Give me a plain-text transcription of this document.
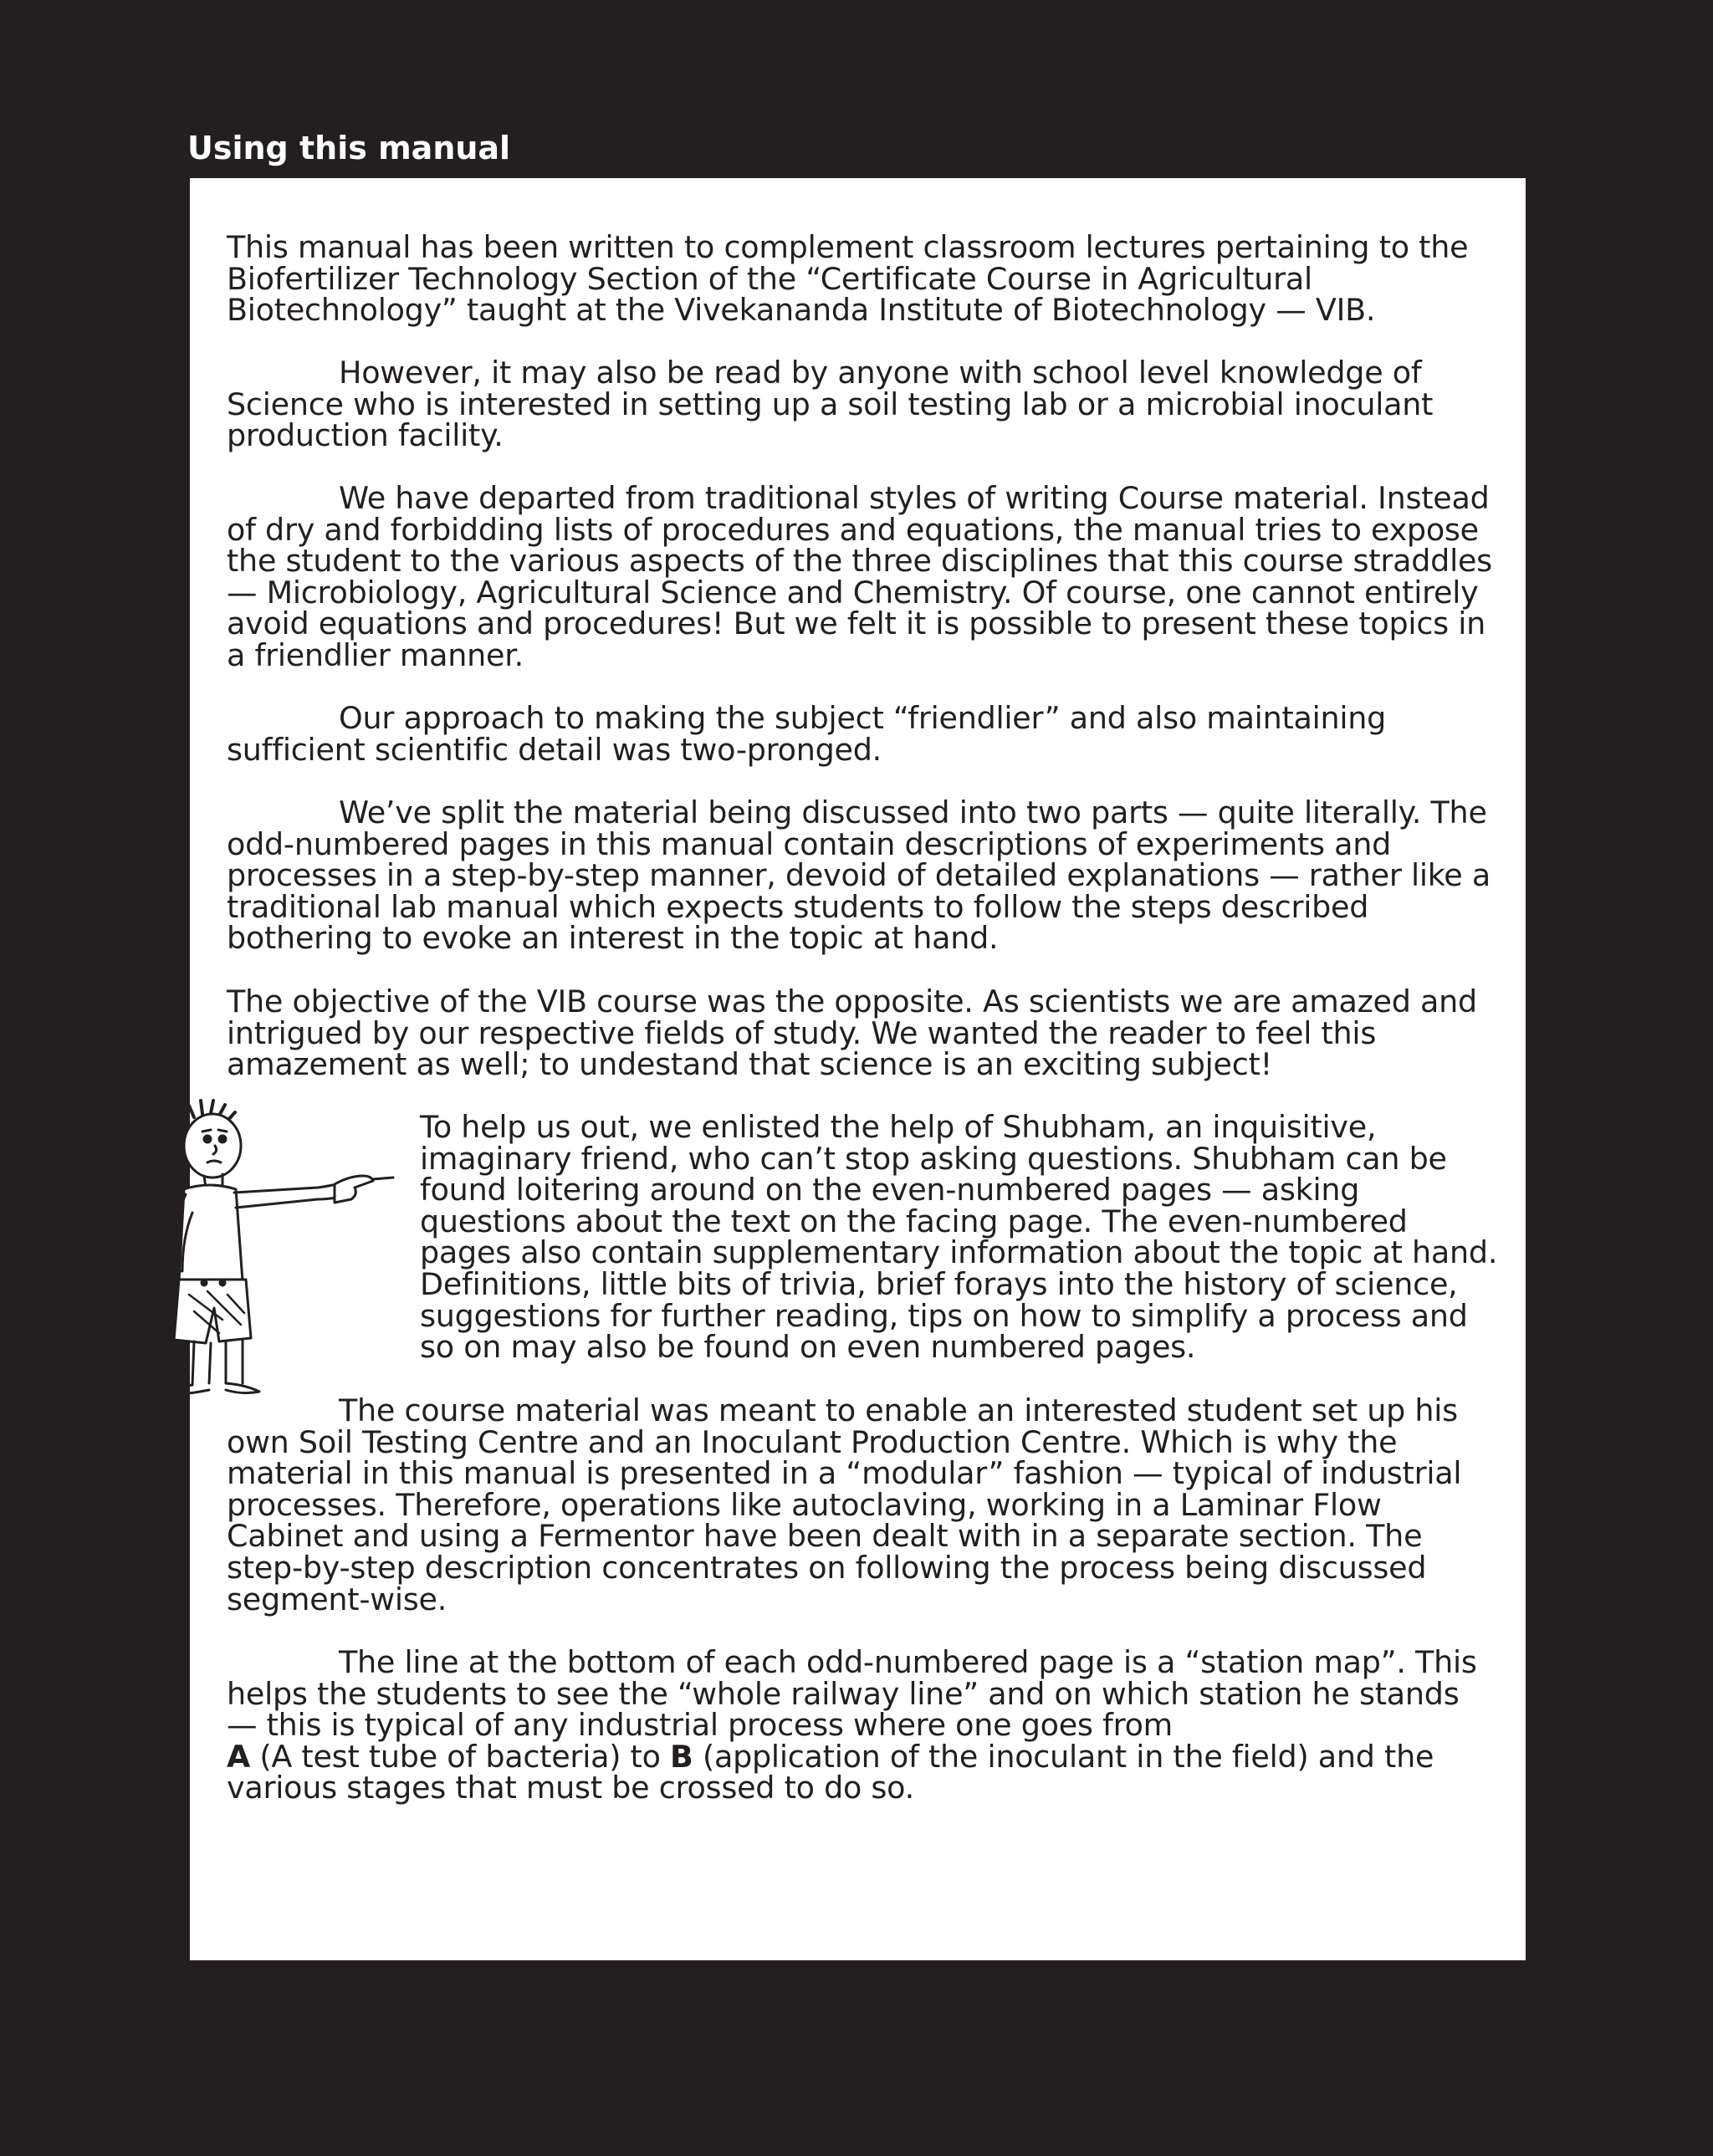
Using this manual

This manual has been written to complement classroom lectures pertaining to the Biofertilizer Technology Section of the “Certificate Course in Agricultural Biotechnology” taught at the Vivekananda Institute of Biotechnology — VIB.

However, it may also be read by anyone with school level knowledge of Science who is interested in setting up a soil testing lab or a microbial inoculant production facility.

We have departed from traditional styles of writing Course material. Instead of dry and forbidding lists of procedures and equations, the manual tries to expose the student to the various aspects of the three disciplines that this course straddles — Microbiology, Agricultural Science and Chemistry. Of course, one cannot entirely avoid equations and procedures! But we felt it is possible to present these topics in a friendlier manner.

Our approach to making the subject “friendlier” and also maintaining sufficient scientific detail was two-pronged.

We’ve split the material being discussed into two parts — quite literally. The odd-numbered pages in this manual contain descriptions of experiments and processes in a step-by-step manner, devoid of detailed explanations — rather like a traditional lab manual which expects students to follow the steps described bothering to evoke an interest in the topic at hand.

The objective of the VIB course was the opposite. As scientists we are amazed and intrigued by our respective fields of study. We wanted the reader to feel this amazement as well; to undestand that science is an exciting subject!

To help us out, we enlisted the help of Shubham, an inquisitive, imaginary friend, who can’t stop asking questions. Shubham can be found loitering around on the even-numbered pages — asking questions about the text on the facing page. The even-numbered pages also contain supplementary information about the topic at hand. Definitions, little bits of trivia, brief forays into the history of science, suggestions for further reading, tips on how to simplify a process and so on may also be found on even numbered pages.

The course material was meant to enable an interested student set up his own Soil Testing Centre and an Inoculant Production Centre. Which is why the material in this manual is presented in a “modular” fashion — typical of industrial processes. Therefore, operations like autoclaving, working in a Laminar Flow Cabinet and using a Fermentor have been dealt with in a separate section. The step-by-step description concentrates on following the process being discussed segment-wise.

The line at the bottom of each odd-numbered page is a “station map”. This helps the students to see the “whole railway line” and on which station he stands — this is typical of any industrial process where one goes from
A (A test tube of bacteria) to B (application of the inoculant in the field) and the various stages that must be crossed to do so.
